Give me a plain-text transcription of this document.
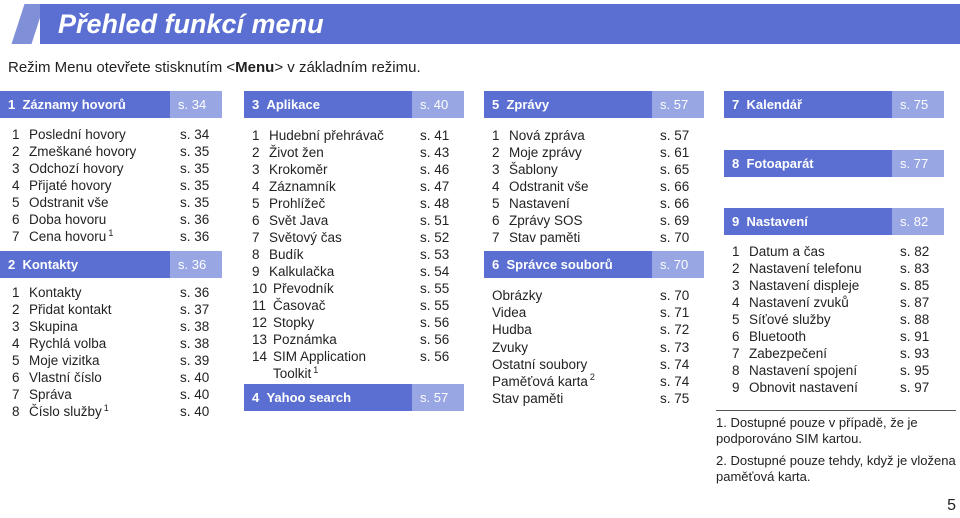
Přehled funkcí menu
Režim Menu otevřete stisknutím <Menu> v základním režimu.
1 Záznamy hovorů	s. 34
2 Kontakty	s. 36
3 Aplikace	s. 40
4 Yahoo search	s. 57
5 Zprávy	s. 57
6 Správce souborů	s. 70
7 Kalendář	s. 75
8 Fotoaparát	s. 77
9 Nastavení	s. 82
1 Poslední hovory	s. 34
2 Zmeškané hovory	s. 35
3 Odchozí hovory	s. 35
4 Přijaté hovory	s. 35
5 Odstranit vše	s. 35
6 Doba hovoru	s. 36
7 Cena hovoru $^1$	s. 36
1 Kontakty	s. 36
2 Přidat kontakt	s. 37
3 Skupina	s. 38
4 Rychlá volba	s. 38
5 Moje vizitka	s. 39
6 Vlastní číslo	s. 40
7 Správa	s. 40
8 Číslo služby $^1$	s. 40
1 Hudební přehrávač	s. 41
2 Život žen	s. 43
3 Krokoměr	s. 46
4 Záznamník	s. 47
5 Prohlížeč	s. 48
6 Svět Java	s. 51
7 Světový čas	s. 52
8 Budík	s. 53
9 Kalkulačka	s. 54
10 Převodník	s. 55
11 Časovač	s. 55
12 Stopky	s. 56
13 Poznámka	s. 56
14 SIM Application
Toolkit $^1$
s. 56
1 Nová zpráva	s. 57
2 Moje zprávy	s. 61
3 Šablony	s. 65
4 Odstranit vše	s. 66
5 Nastavení	s. 66
6 Zprávy SOS	s. 69
7 Stav paměti	s. 70
Obrázky	s. 70
Videa	s. 71
Hudba	s. 72
Zvuky	s. 73
Ostatní soubory	s. 74
Paměťová karta $^2$	s. 74
Stav paměti	s. 75
1 Datum a čas	s. 82
2 Nastavení telefonu	s. 83
3 Nastavení displeje	s. 85
4 Nastavení zvuků	s. 87
5 Síťové služby	s. 88
6 Bluetooth	s. 91
7 Zabezpečení	s. 93
8 Nastavení spojení	s. 95
9 Obnovit nastavení	s. 97
1. Dostupné pouze v případě, že je podporováno SIM kartou.
2. Dostupné pouze tehdy, když je vložena paměťová karta.
5
